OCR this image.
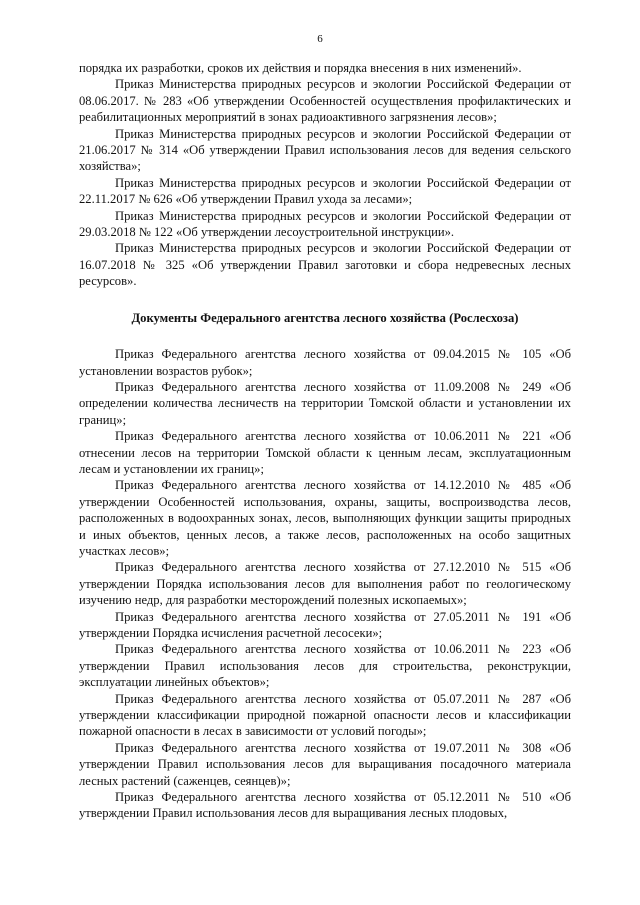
6

порядка их разработки, сроков их действия и порядка внесения в них изменений».

Приказ Министерства природных ресурсов и экологии Российской Федерации от 08.06.2017. № 283 «Об утверждении Особенностей осуществления профилактических и реабилитационных мероприятий в зонах радиоактивного загрязнения лесов»;

Приказ Министерства природных ресурсов и экологии Российской Федерации от 21.06.2017 № 314 «Об утверждении Правил использования лесов для ведения сельского хозяйства»;

Приказ Министерства природных ресурсов и экологии Российской Федерации от 22.11.2017 № 626 «Об утверждении Правил ухода за лесами»;

Приказ Министерства природных ресурсов и экологии Российской Федерации от 29.03.2018 № 122 «Об утверждении лесоустроительной инструкции».

Приказ Министерства природных ресурсов и экологии Российской Федерации от 16.07.2018 № 325 «Об утверждении Правил заготовки и сбора недревесных лесных ресурсов».

Документы Федерального агентства лесного хозяйства (Рослесхоза)

Приказ Федерального агентства лесного хозяйства от 09.04.2015 № 105 «Об установлении возрастов рубок»;

Приказ Федерального агентства лесного хозяйства от 11.09.2008 № 249 «Об определении количества лесничеств на территории Томской области и установлении их границ»;

Приказ Федерального агентства лесного хозяйства от 10.06.2011 № 221 «Об отнесении лесов на территории Томской области к ценным лесам, эксплуатационным лесам и установлении их границ»;

Приказ Федерального агентства лесного хозяйства от 14.12.2010 № 485 «Об утверждении Особенностей использования, охраны, защиты, воспроизводства лесов, расположенных в водоохранных зонах, лесов, выполняющих функции защиты природных и иных объектов, ценных лесов, а также лесов, расположенных на особо защитных участках лесов»;

Приказ Федерального агентства лесного хозяйства от 27.12.2010 № 515 «Об утверждении Порядка использования лесов для выполнения работ по геологическому изучению недр, для разработки месторождений полезных ископаемых»;

Приказ Федерального агентства лесного хозяйства от 27.05.2011 № 191 «Об утверждении Порядка исчисления расчетной лесосеки»;

Приказ Федерального агентства лесного хозяйства от 10.06.2011 № 223 «Об утверждении Правил использования лесов для строительства, реконструкции, эксплуатации линейных объектов»;

Приказ Федерального агентства лесного хозяйства от 05.07.2011 № 287 «Об утверждении классификации природной пожарной опасности лесов и классификации пожарной опасности в лесах в зависимости от условий погоды»;

Приказ Федерального агентства лесного хозяйства от 19.07.2011 № 308 «Об утверждении Правил использования лесов для выращивания посадочного материала лесных растений (саженцев, сеянцев)»;

Приказ Федерального агентства лесного хозяйства от 05.12.2011 № 510 «Об утверждении Правил использования лесов для выращивания лесных плодовых,
